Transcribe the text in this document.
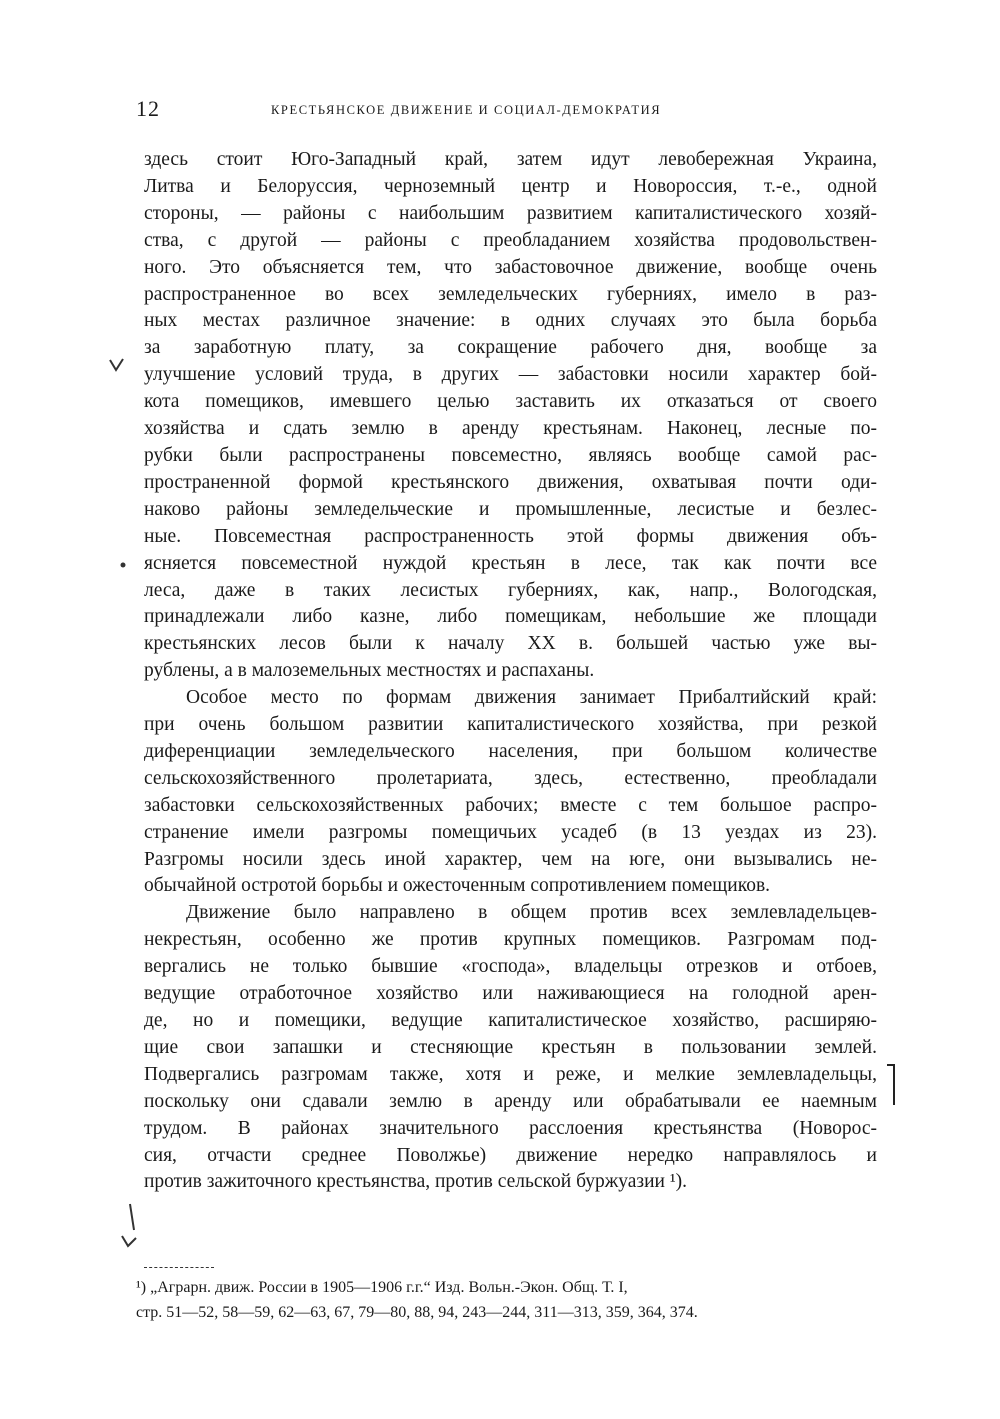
12	КРЕСТЬЯНСКОЕ ДВИЖЕНИЕ И СОЦИАЛ-ДЕМОКРАТИЯ
здесь стоит Юго-Западный край, затем идут левобережная Украина,
Литва и Белоруссия, черноземный центр и Новороссия, т.-е., одной
стороны, — районы с наибольшим развитием капиталистического хозяй-
ства, с другой — районы с преобладанием хозяйства продовольствен-
ного. Это объясняется тем, что забастовочное движение, вообще очень
распространенное во всех земледельческих губерниях, имело в раз-
ных местах различное значение: в одних случаях это была борьба
за заработную плату, за сокращение рабочего дня, вообще за
улучшение условий труда, в других — забастовки носили характер бой-
кота помещиков, имевшего целью заставить их отказаться от своего
хозяйства и сдать землю в аренду крестьянам. Наконец, лесные по-
рубки были распространены повсеместно, являясь вообще самой рас-
пространенной формой крестьянского движения, охватывая почти оди-
наково районы земледельческие и промышленные, лесистые и безлес-
ные. Повсеместная распространенность этой формы движения объ-
ясняется повсеместной нуждой крестьян в лесе, так как почти все
леса, даже в таких лесистых губерниях, как, напр., Вологодская,
принадлежали либо казне, либо помещикам, небольшие же площади
крестьянских лесов были к началу XX в. большей частью уже вы-
рублены, а в малоземельных местностях и распаханы.
Особое место по формам движения занимает Прибалтийский край:
при очень большом развитии капиталистического хозяйства, при резкой
диференциации земледельческого населения, при большом количестве
сельскохозяйственного пролетариата, здесь, естественно, преобладали
забастовки сельскохозяйственных рабочих; вместе с тем большое распро-
странение имели разгромы помещичьих усадеб (в 13 уездах из 23).
Разгромы носили здесь иной характер, чем на юге, они вызывались не-
обычайной остротой борьбы и ожесточенным сопротивлением помещиков.
Движение было направлено в общем против всех землевладельцев-
некрестьян, особенно же против крупных помещиков. Разгромам под-
вергались не только бывшие «господа», владельцы отрезков и отбоев,
ведущие отработочное хозяйство или наживающиеся на голодной арен-
де, но и помещики, ведущие капиталистическое хозяйство, расширяю-
щие свои запашки и стесняющие крестьян в пользовании землей.
Подвергались разгромам также, хотя и реже, и мелкие землевладельцы,
поскольку они сдавали землю в аренду или обрабатывали ее наемным
трудом. В районах значительного расслоения крестьянства (Новорос-
сия, отчасти среднее Поволжье) движение нередко направлялось и
против зажиточного крестьянства, против сельской буржуазии ¹).
¹) „Аграрн. движ. России в 1905—1906 г.г.“ Изд. Вольн.-Экон. Общ. Т. I,
стр. 51—52, 58—59, 62—63, 67, 79—80, 88, 94, 243—244, 311—313, 359, 364, 374.
